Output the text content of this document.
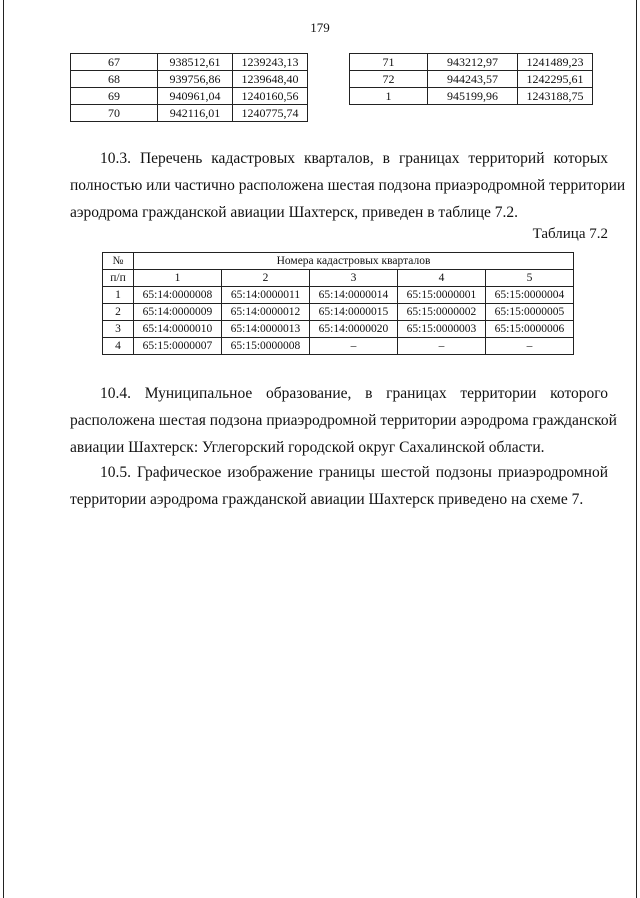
179
67	938512,61	1239243,13
68	939756,86	1239648,40
69	940961,04	1240160,56
70	942116,01	1240775,74
71	943212,97	1241489,23
72	944243,57	1242295,61
1	945199,96	1243188,75
10.3. Перечень кадастровых кварталов, в границах территорий которых
полностью или частично расположена шестая подзона приаэродромной территории
аэродрома гражданской авиации Шахтерск, приведен в таблице 7.2.
Таблица 7.2
№	Номера кадастровых кварталов				
п/п	1	2	3	4	5
1	65:14:0000008	65:14:0000011	65:14:0000014	65:15:0000001	65:15:0000004
2	65:14:0000009	65:14:0000012	65:14:0000015	65:15:0000002	65:15:0000005
3	65:14:0000010	65:14:0000013	65:14:0000020	65:15:0000003	65:15:0000006
4	65:15:0000007	65:15:0000008	–	–	–
10.4. Муниципальное образование, в границах территории которого
расположена шестая подзона приаэродромной территории аэродрома гражданской
авиации Шахтерск: Углегорский городской округ Сахалинской области.
10.5. Графическое изображение границы шестой подзоны приаэродромной
территории аэродрома гражданской авиации Шахтерск приведено на схеме 7.
